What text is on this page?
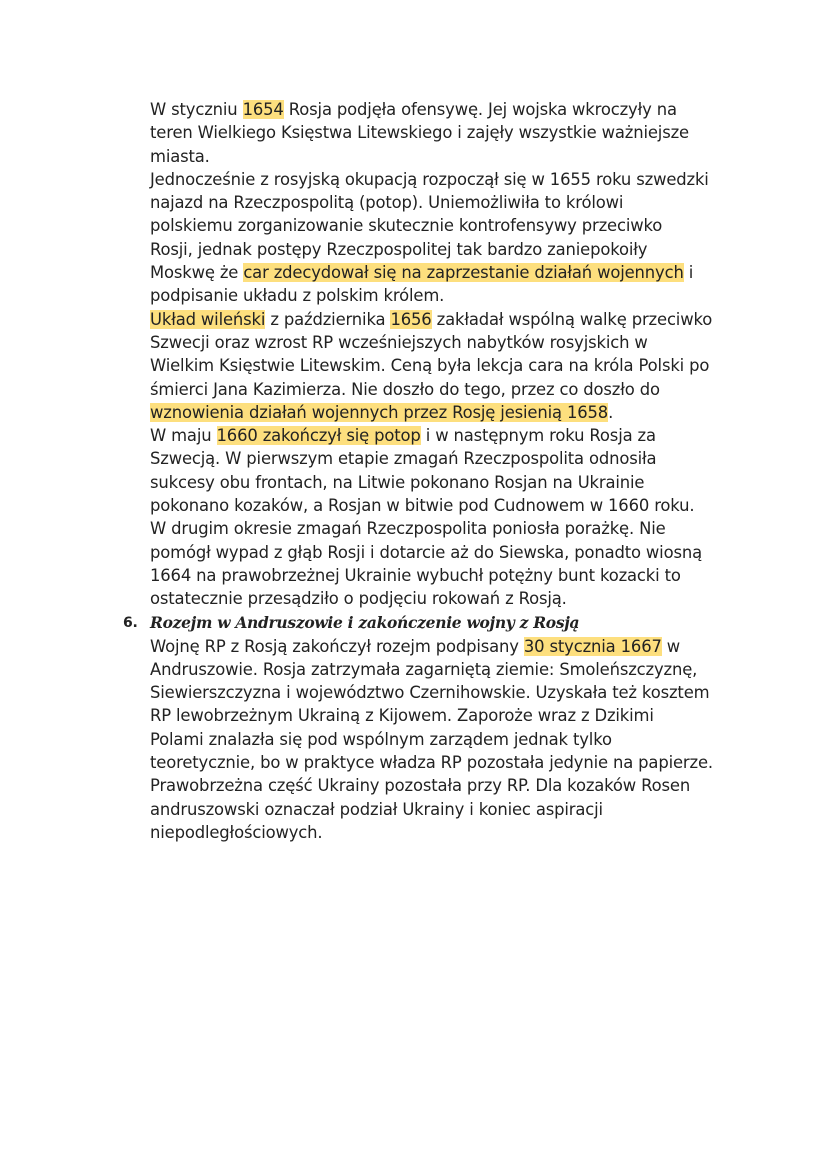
W styczniu 1654 Rosja podjęła ofensywę. Jej wojska wkroczyły na
teren Wielkiego Księstwa Litewskiego i zajęły wszystkie ważniejsze
miasta.
Jednocześnie z rosyjską okupacją rozpoczął się w 1655 roku szwedzki
najazd na Rzeczpospolitą (potop). Uniemożliwiła to królowi
polskiemu zorganizowanie skutecznie kontrofensywy przeciwko
Rosji, jednak postępy Rzeczpospolitej tak bardzo zaniepokoiły
Moskwę że car zdecydował się na zaprzestanie działań wojennych i
podpisanie układu z polskim królem.
Układ wileński z października 1656 zakładał wspólną walkę przeciwko
Szwecji oraz wzrost RP wcześniejszych nabytków rosyjskich w
Wielkim Księstwie Litewskim. Ceną była lekcja cara na króla Polski po
śmierci Jana Kazimierza. Nie doszło do tego, przez co doszło do
wznowienia działań wojennych przez Rosję jesienią 1658.
W maju 1660 zakończył się potop i w następnym roku Rosja za
Szwecją. W pierwszym etapie zmagań Rzeczpospolita odnosiła
sukcesy obu frontach, na Litwie pokonano Rosjan na Ukrainie
pokonano kozaków, a Rosjan w bitwie pod Cudnowem w 1660 roku.
W drugim okresie zmagań Rzeczpospolita poniosła porażkę. Nie
pomógł wypad z głąb Rosji i dotarcie aż do Siewska, ponadto wiosną
1664 na prawobrzeżnej Ukrainie wybuchł potężny bunt kozacki to
ostatecznie przesądziło o podjęciu rokowań z Rosją.
6. Rozejm w Andruszowie i zakończenie wojny z Rosją
Wojnę RP z Rosją zakończył rozejm podpisany 30 stycznia 1667 w
Andruszowie. Rosja zatrzymała zagarniętą ziemie: Smoleńszczyznę,
Siewierszczyzna i województwo Czernihowskie. Uzyskała też kosztem
RP lewobrzeżnym Ukrainą z Kijowem. Zaporoże wraz z Dzikimi
Polami znalazła się pod wspólnym zarządem jednak tylko
teoretycznie, bo w praktyce władza RP pozostała jedynie na papierze.
Prawobrzeżna część Ukrainy pozostała przy RP. Dla kozaków Rosen
andruszowski oznaczał podział Ukrainy i koniec aspiracji
niepodległościowych.
